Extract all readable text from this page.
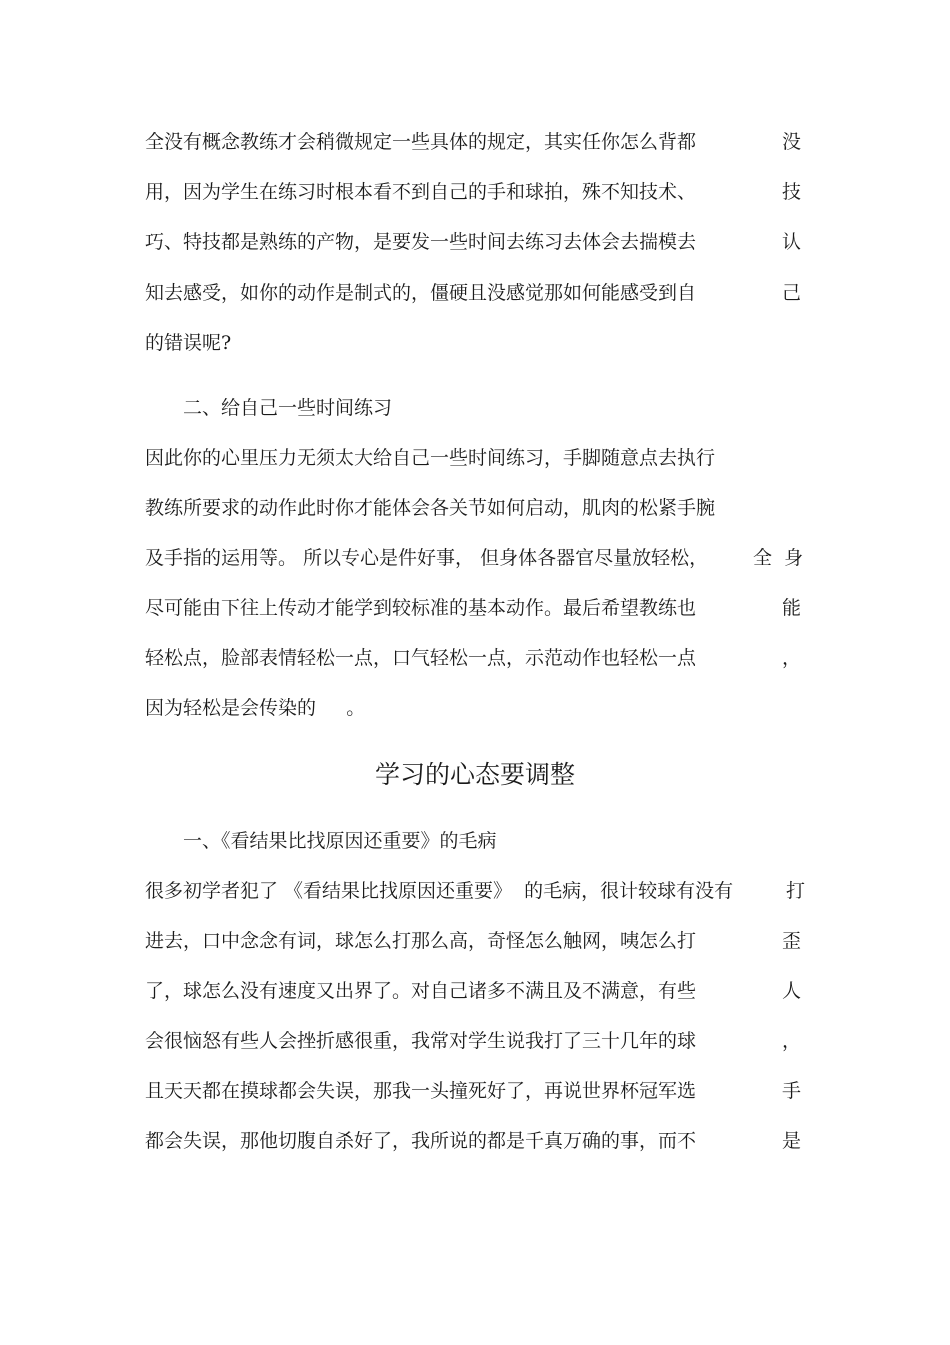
全没有概念教练才会稍微规定一些具体的规定，其实任你怎么背都	没
用，因为学生在练习时根本看不到自己的手和球拍，殊不知技术、	技
巧、特技都是熟练的产物，是要发一些时间去练习去体会去揣模去	认
知去感受，如你的动作是制式的，僵硬且没感觉那如何能感受到自	己
的错误呢?
二、给自己一些时间练习
因此你的心里压力无须太大给自己一些时间练习，手脚随意点去执行
教练所要求的动作此时你才能体会各关节如何启动，肌肉的松紧手腕
及手指的运用等。 所以专心是件好事， 但身体各器官尽量放轻松， 全  身
尽可能由下往上传动才能学到较标准的基本动作。最后希望教练也	能
轻松点，脸部表情轻松一点，口气轻松一点，示范动作也轻松一点	，
因为轻松是会传染的     。
学习的心态要调整
一、《看结果比找原因还重要》的毛病
很多初学者犯了 《看结果比找原因还重要》  的毛病，很计较球有没有	打
进去，口中念念有词，球怎么打那么高，奇怪怎么触网，咦怎么打	歪
了，球怎么没有速度又出界了。对自己诸多不满且及不满意，有些	人
会很恼怒有些人会挫折感很重，我常对学生说我打了三十几年的球	，
且天天都在摸球都会失误，那我一头撞死好了，再说世界杯冠军选	手
都会失误，那他切腹自杀好了，我所说的都是千真万确的事，而不	是
